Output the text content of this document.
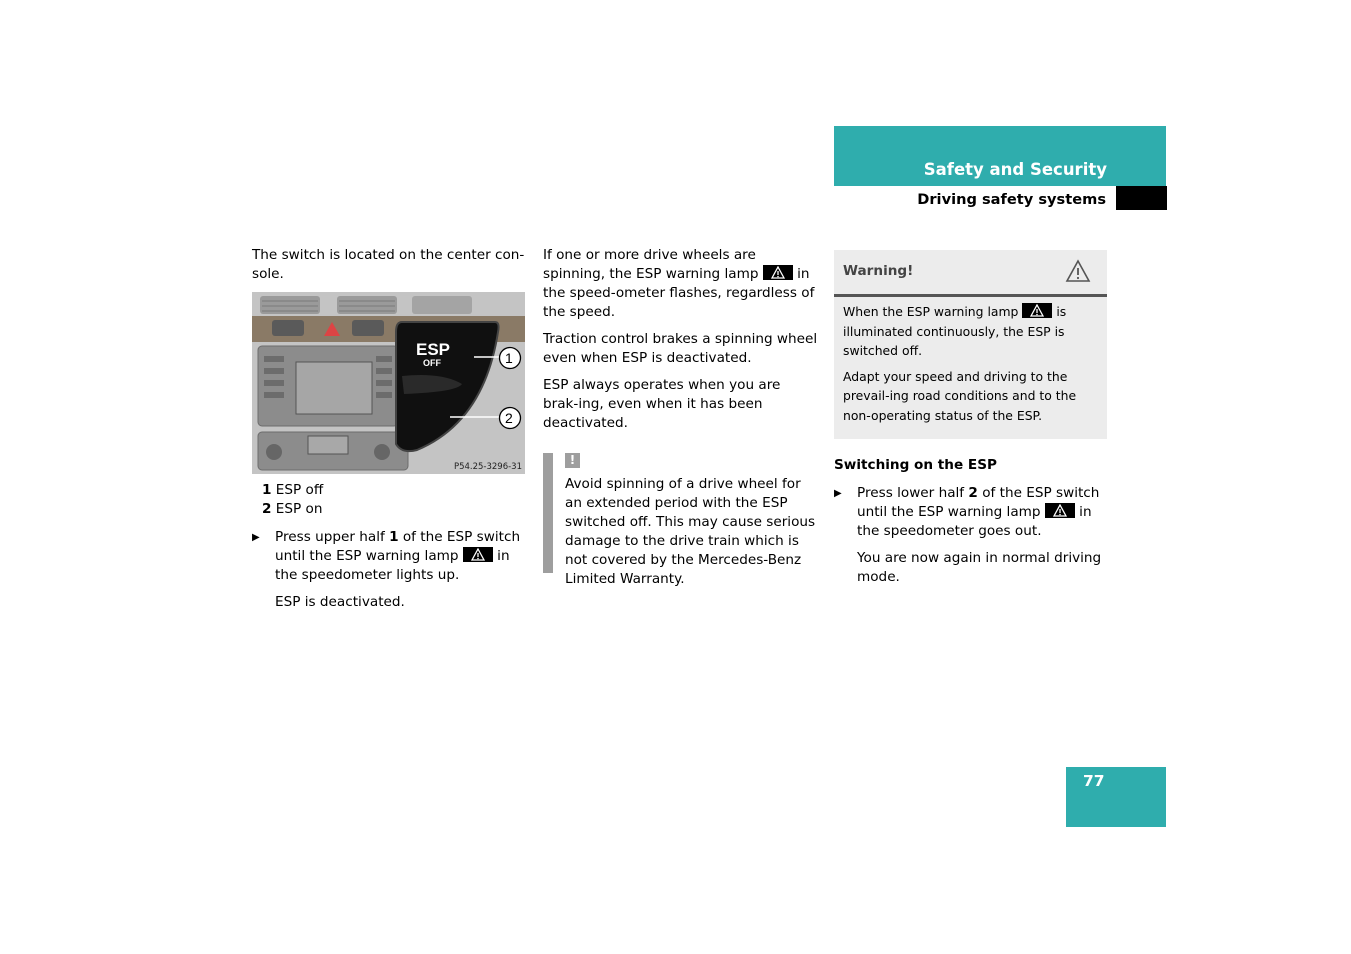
Safety and Security
Driving safety systems

The switch is located on the center con-sole.

ESP
OFF	1
2
P54.25-3296-31
1 ESP off
2 ESP on
▶ Press upper half 1 of the ESP switch until the ESP warning lamp
in the speedometer lights up.

ESP is deactivated.

If one or more drive wheels are spinning, the ESP warning lamp
in the speed-ometer flashes, regardless of the speed.

Traction control brakes a spinning wheel even when ESP is deactivated.

ESP always operates when you are brak-ing, even when it has been deactivated.

!

Avoid spinning of a drive wheel for an extended period with the ESP switched off. This may cause serious damage to the drive train which is not covered by the Mercedes-Benz Limited Warranty.

Warning!

When the ESP warning lamp
is illuminated continuously, the ESP is switched off.

Adapt your speed and driving to the prevail-ing road conditions and to the non-operating status of the ESP.

Switching on the ESP

▶ Press lower half 2 of the ESP switch until the ESP warning lamp
in the speedometer goes out.

You are now again in normal driving mode.

77
